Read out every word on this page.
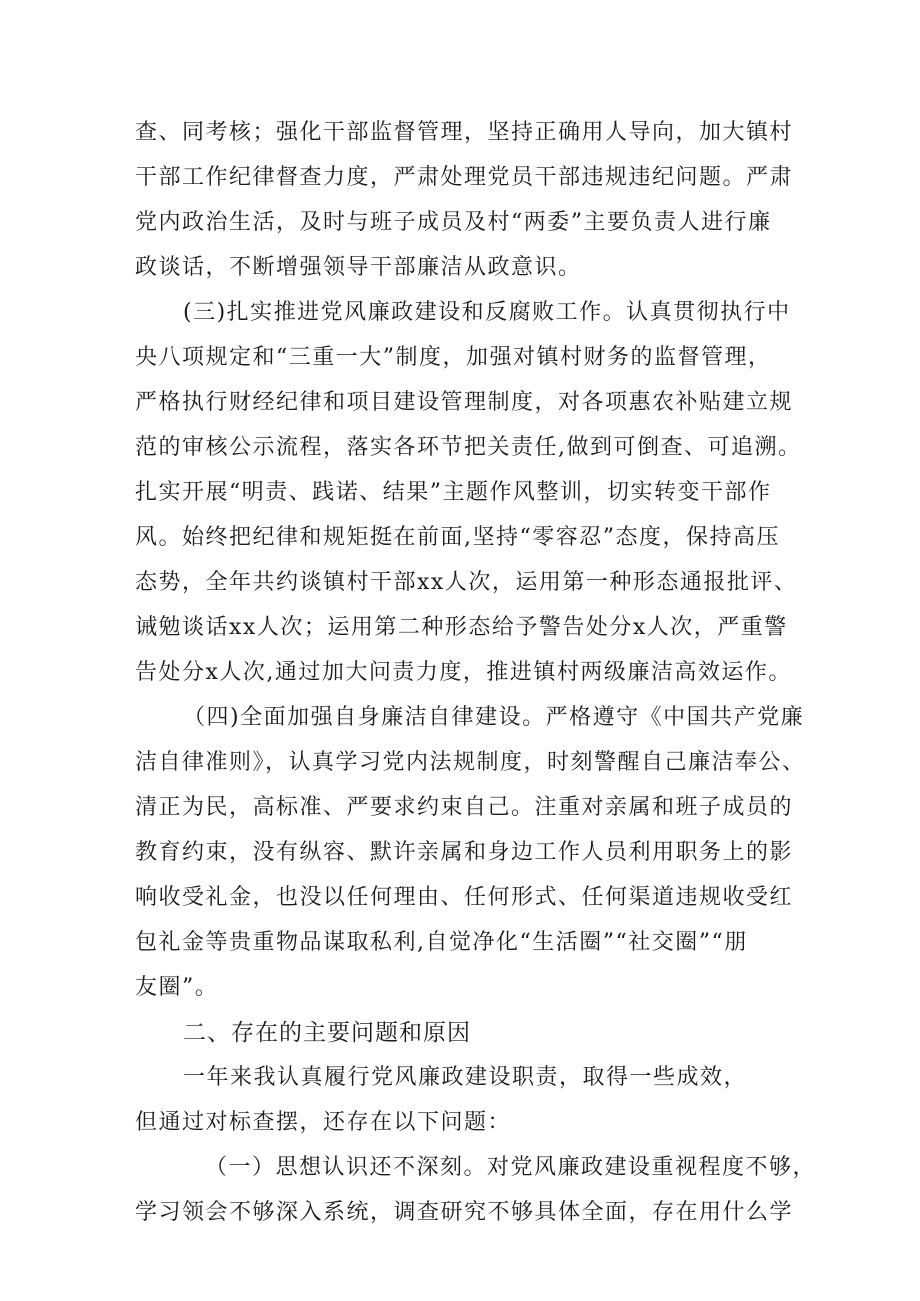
查、同考核；强化干部监督管理，坚持正确用人导向，加大镇村

干部工作纪律督查力度，严肃处理党员干部违规违纪问题。严肃

党内政治生活，及时与班子成员及村“两委”主要负责人进行廉

政谈话，不断增强领导干部廉洁从政意识。

(三)扎实推进党风廉政建设和反腐败工作。认真贯彻执行中

央八项规定和“三重一大”制度，加强对镇村财务的监督管理，

严格执行财经纪律和项目建设管理制度，对各项惠农补贴建立规

范的审核公示流程，落实各环节把关责任,做到可倒查、可追溯。

扎实开展“明责、践诺、结果”主题作风整训，切实转变干部作

风。始终把纪律和规矩挺在前面,坚持“零容忍”态度，保持高压

态势，全年共约谈镇村干部xx人次，运用第一种形态通报批评、

诫勉谈话xx人次；运用第二种形态给予警告处分x人次，严重警

告处分x人次,通过加大问责力度，推进镇村两级廉洁高效运作。

（四)全面加强自身廉洁自律建设。严格遵守《中国共产党廉

洁自律准则》，认真学习党内法规制度，时刻警醒自己廉洁奉公、

清正为民，高标准、严要求约束自己。注重对亲属和班子成员的

教育约束，没有纵容、默许亲属和身边工作人员利用职务上的影

响收受礼金，也没以任何理由、任何形式、任何渠道违规收受红

包礼金等贵重物品谋取私利,自觉净化“生活圈”“社交圈”“朋

友圈”。

二、存在的主要问题和原因

一年来我认真履行党风廉政建设职责，取得一些成效，

但通过对标查摆，还存在以下问题：

（一）思想认识还不深刻。对党风廉政建设重视程度不够，

学习领会不够深入系统，调查研究不够具体全面，存在用什么学
